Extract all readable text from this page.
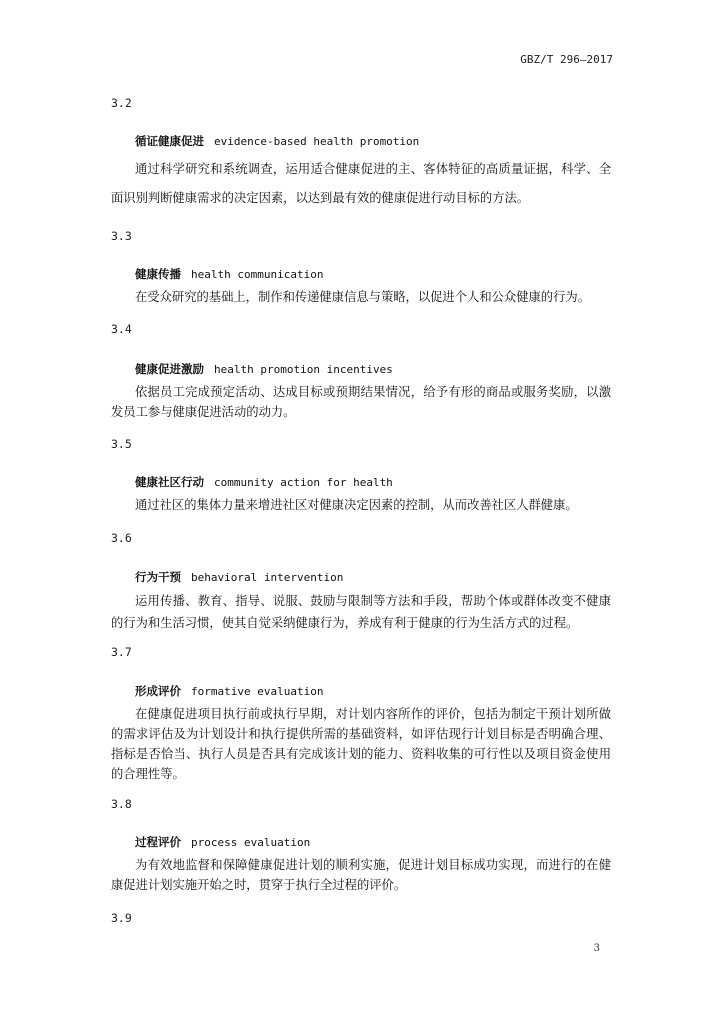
GBZ/T 296—2017
3.2
循证健康促进 evidence-based health promotion

通过科学研究和系统调查，运用适合健康促进的主、客体特征的高质量证据，科学、全面识别判断健康需求的决定因素，以达到最有效的健康促进行动目标的方法。

3.3
健康传播 health communication

在受众研究的基础上，制作和传递健康信息与策略，以促进个人和公众健康的行为。

3.4
健康促进激励 health promotion incentives

依据员工完成预定活动、达成目标或预期结果情况，给予有形的商品或服务奖励，以激发员工参与健康促进活动的动力。

3.5
健康社区行动 community action for health

通过社区的集体力量来增进社区对健康决定因素的控制，从而改善社区人群健康。

3.6
行为干预 behavioral intervention

运用传播、教育、指导、说服、鼓励与限制等方法和手段，帮助个体或群体改变不健康的行为和生活习惯，使其自觉采纳健康行为，养成有利于健康的行为生活方式的过程。

3.7
形成评价 formative evaluation

在健康促进项目执行前或执行早期，对计划内容所作的评价，包括为制定干预计划所做的需求评估及为计划设计和执行提供所需的基础资料，如评估现行计划目标是否明确合理、指标是否恰当、执行人员是否具有完成该计划的能力、资料收集的可行性以及项目资金使用的合理性等。

3.8
过程评价 process evaluation

为有效地监督和保障健康促进计划的顺利实施，促进计划目标成功实现，而进行的在健康促进计划实施开始之时，贯穿于执行全过程的评价。

3.9
3
